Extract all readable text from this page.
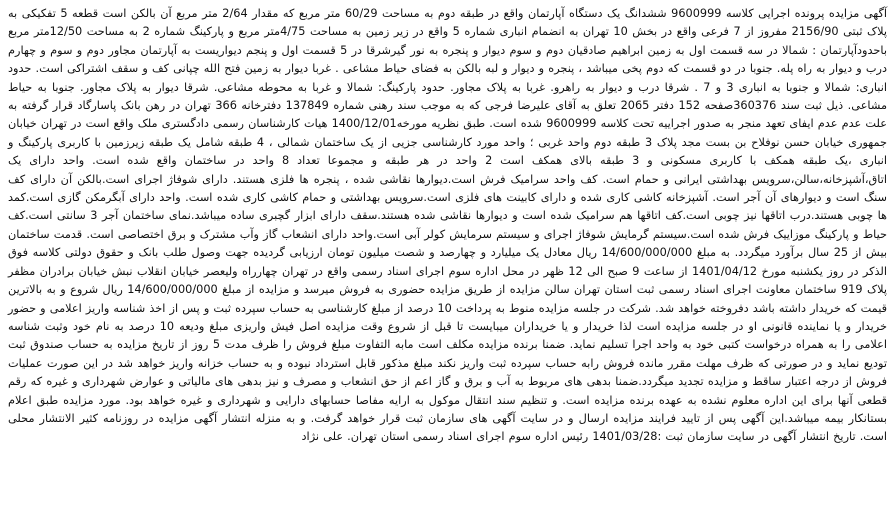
آگهی مزایده پرونده اجرایی کلاسه 9600999 ششدانگ یک دستگاه آپارتمان واقع در طبقه دوم به مساحت 60/29 متر مربع که مقدار 2/64 متر مربع آن بالکن است قطعه 5 تفکیکی به پلاک ثبتی 2156/90 مفروز از 7 فرعی واقع در بخش 10 تهران به انضمام انباری شماره 5 واقع در زیر زمین به مساحت 4/75متر مربع و پارکینگ شماره 2 به مساحت 12/50متر مربع باحدودآپارتمان : شمالا در سه قسمت اول به زمین ابراهیم صادقیان دوم و سوم دیوار و پنجره به نور گیرشرقا در 5 قسمت اول و پنجم دیواریست به آپارتمان مجاور دوم و سوم و چهارم درب و دیوار به راه پله. جنوبا در دو قسمت که دوم پخی میباشد ، پنجره و دیوار و لبه بالکن به فضای حیاط مشاعی . غربا دیوار به زمین فتح الله چپانی کف و سقف اشتراکی است. حدود انباری: شمالا و جنوبا به انباری 3 و 7 . شرقا درب و دیوار به راهرو. غربا به پلاک مجاور. حدود پارکینگ: شمالا و غربا به محوطه مشاعی. شرقا دیوار به پلاک مجاور. جنوبا به حیاط مشاعی. ذیل ثبت سند 360376صفحه 152 دفتر 2065 تعلق به آقای علیرضا فرجی که به موجب سند رهنی شماره 137849 دفترخانه 366 تهران در رهن بانک پاسارگاد قرار گرفته به علت عدم عدم ایفای تعهد منجر به صدور اجراییه تحت کلاسه 9600999 شده است. طبق نظریه مورخه1400/12/01 هیات کارشناسان رسمی دادگستری ملک واقع است در تهران خیابان جمهوری خیابان حسن نوفلاح بن بست مجد پلاک 3 طبقه دوم واحد غربی ؛ واحد مورد کارشناسی جزیی از یک ساختمان شمالی ، 4 طبقه شامل یک طبقه زیرزمین با کاربری پارکینگ و انباری ،یک طبقه همکف با کاربری مسکونی و 3 طبقه بالای همکف است 2 واحد در هر طبقه و مجموعا تعداد 8 واحد در ساختمان واقع شده است. واحد دارای یک اتاق،آشپزخانه،سالن،سرویس بهداشتی ایرانی و حمام است. کف واحد سرامیک فرش است.دیوارها نقاشی شده ، پنجره ها فلزی هستند. دارای شوفاژ اجرای است.بالکن آن دارای کف سنگ است و دیوارهای آن آجر است. آشپزخانه کاشی کاری شده و دارای کابینت های فلزی است.سرویس بهداشتی و حمام کاشی کاری شده است. واحد دارای آبگرمکن گازی است.کمد ها چوبی هستند.درب اتاقها نیز چوبی است.کف اتاقها هم سرامیک شده است و دیوارها نقاشی شده هستند.سقف دارای ابزار گچبری ساده میباشد.نمای ساختمان آجر 3 سانتی است.کف حیاط و پارکینگ موزاییک فرش شده است.سیستم گرمایش شوفاژ اجرای و سیستم سرمایش کولر آبی است.واحد دارای انشعاب گاز وآب مشترک و برق اختصاصی است. قدمت ساختمان بیش از 25 سال برآورد میگردد. به مبلغ 14/600/000/000 ریال معادل یک میلیارد و چهارصد و شصت میلیون تومان ارزیابی گردیده جهت وصول طلب بانک و حقوق دولتی کلاسه فوق الذکر در روز یکشنبه مورخ 1401/04/12 از ساعت 9 صبح الی 12 ظهر در محل اداره سوم اجرای اسناد رسمی واقع در تهران چهارراه ولیعصر خیابان انقلاب نبش خیابان برادران مظفر پلاک 919 ساختمان معاونت اجرای اسناد رسمی ثبت استان تهران سالن مزایده از طریق مزایده حضوری به فروش میرسد و مزایده از مبلغ 14/600/000/000 ریال شروع و به بالاترین قیمت که خریدار داشته باشد دفروخته خواهد شد. شرکت در جلسه مزایده منوط به پرداخت 10 درصد از مبلغ کارشناسی به حساب سپرده ثبت و پس از اخذ شناسه واریز اعلامی و حضور خریدار و یا نماینده قانونی او در جلسه مزایده است لذا خریدار و یا خریداران میبایست تا قبل از شروع وقت مزایده اصل فیش واریزی مبلغ ودیعه 10 درصد به نام خود وثبت شناسه اعلامی را به همراه درخواست کتبی خود به واحد اجرا تسلیم نماید. ضمنا برنده مزایده مکلف است مابه التفاوت مبلغ فروش را ظرف مدت 5 روز از تاریخ مزایده به حساب صندوق ثبت تودیع نماید و در صورتی که ظرف مهلت مقرر مانده فروش رابه حساب سپرده ثبت واریز نکند مبلغ مذکور قابل استرداد نبوده و به حساب خزانه واریز خواهد شد در این صورت عملیات فروش از درجه اعتبار ساقط و مزایده تجدید میگردد.ضمنا بدهی های مربوط به آب و برق و گاز اعم از حق انشعاب و مصرف و نیز بدهی های مالیاتی و عوارض شهرداری و غیره که رقم قطعی آنها برای این اداره معلوم نشده به عهده برنده مزایده است. و تنظیم سند انتقال موکول به ارایه مفاصا حسابهای دارایی و شهرداری و غیره خواهد بود. مورد مزایده طبق اعلام بستانکار بیمه میباشد.این آگهی پس از تایید فرایند مزایده ارسال و در سایت آگهی های سازمان ثبت قرار خواهد گرفت. و به منزله انتشار آگهی مزایده در روزنامه کثیر الانتشار محلی است. تاریخ انتشار آگهی در سایت سازمان ثبت :1401/03/28 رئیس اداره سوم اجرای اسناد رسمی استان تهران. علی نژاد
